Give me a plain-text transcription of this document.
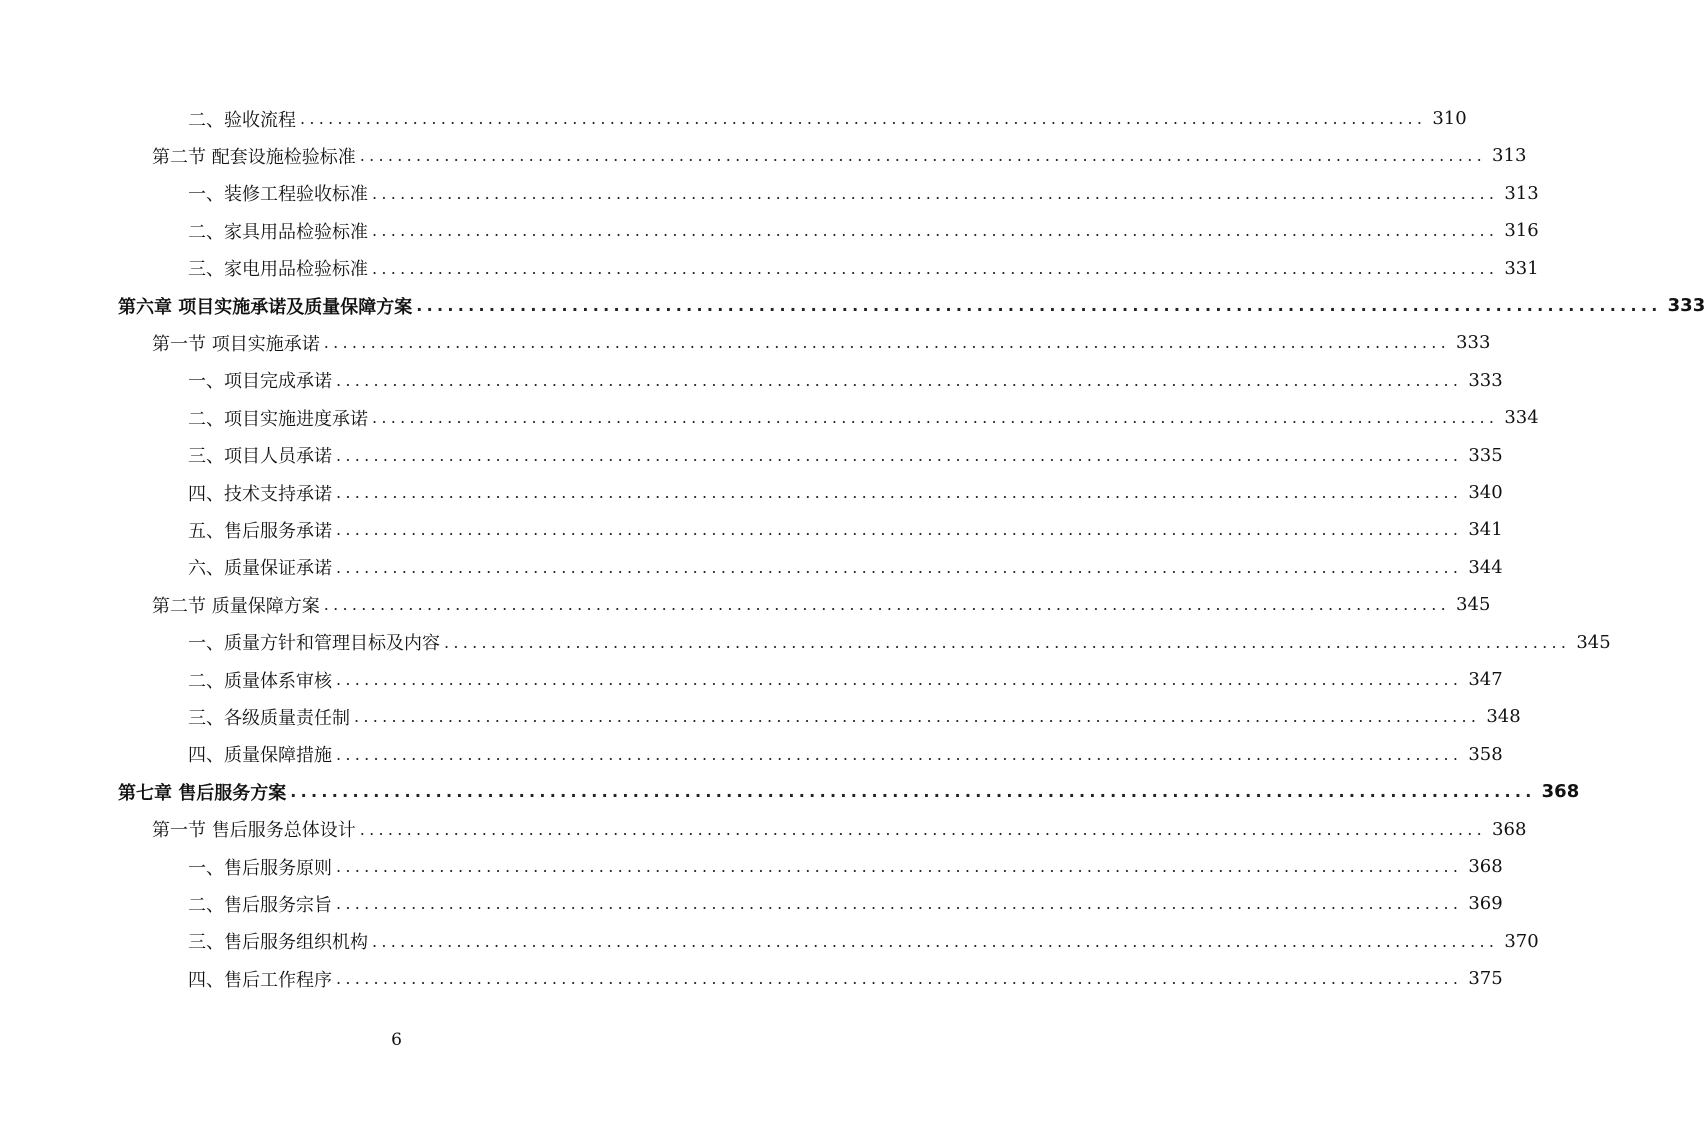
二、验收流程 ........................................................................................................................ 310
第二节 配套设施检验标准 ........................................................................................................................ 313
一、装修工程验收标准 ........................................................................................................................ 313
二、家具用品检验标准 ........................................................................................................................ 316
三、家电用品检验标准 ........................................................................................................................ 331
第六章 项目实施承诺及质量保障方案 ........................................................................................................................ 333
第一节 项目实施承诺 ........................................................................................................................ 333
一、项目完成承诺 ........................................................................................................................ 333
二、项目实施进度承诺 ........................................................................................................................ 334
三、项目人员承诺 ........................................................................................................................ 335
四、技术支持承诺 ........................................................................................................................ 340
五、售后服务承诺 ........................................................................................................................ 341
六、质量保证承诺 ........................................................................................................................ 344
第二节 质量保障方案 ........................................................................................................................ 345
一、质量方针和管理目标及内容 ........................................................................................................................ 345
二、质量体系审核 ........................................................................................................................ 347
三、各级质量责任制 ........................................................................................................................ 348
四、质量保障措施 ........................................................................................................................ 358
第七章 售后服务方案 ........................................................................................................................ 368
第一节 售后服务总体设计 ........................................................................................................................ 368
一、售后服务原则 ........................................................................................................................ 368
二、售后服务宗旨 ........................................................................................................................ 369
三、售后服务组织机构 ........................................................................................................................ 370
四、售后工作程序 ........................................................................................................................ 375
6
